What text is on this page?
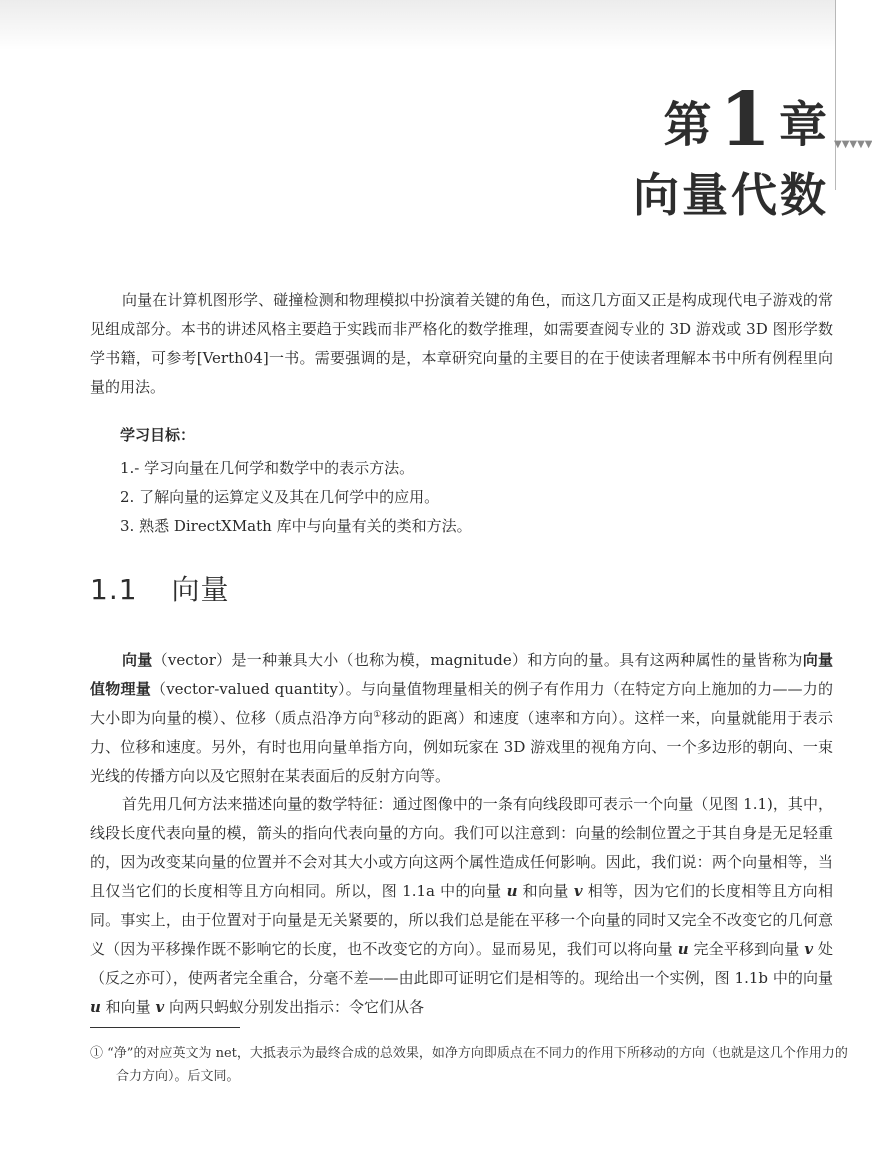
▼▼▼▼▼
第1 章
向量代数

向量在计算机图形学、碰撞检测和物理模拟中扮演着关键的角色，而这几方面又正是构成现代电子游戏的常见组成部分。本书的讲述风格主要趋于实践而非严格化的数学推理，如需要查阅专业的 3D 游戏或 3D 图形学数学书籍，可参考[Verth04]一书。需要强调的是，本章研究向量的主要目的在于使读者理解本书中所有例程里向量的用法。

学习目标：
1.- 学习向量在几何学和数学中的表示方法。
2. 了解向量的运算定义及其在几何学中的应用。
3. 熟悉 DirectXMath 库中与向量有关的类和方法。
1.1 向量

向量（vector）是一种兼具大小（也称为模，magnitude）和方向的量。具有这两种属性的量皆称为向量值物理量（vector-valued quantity）。与向量值物理量相关的例子有作用力（在特定方向上施加的力——力的大小即为向量的模）、位移（质点沿净方向①移动的距离）和速度（速率和方向）。这样一来，向量就能用于表示力、位移和速度。另外，有时也用向量单指方向，例如玩家在 3D 游戏里的视角方向、一个多边形的朝向、一束光线的传播方向以及它照射在某表面后的反射方向等。

首先用几何方法来描述向量的数学特征：通过图像中的一条有向线段即可表示一个向量（见图 1.1)，其中，线段长度代表向量的模，箭头的指向代表向量的方向。我们可以注意到：向量的绘制位置之于其自身是无足轻重的，因为改变某向量的位置并不会对其大小或方向这两个属性造成任何影响。因此，我们说：两个向量相等，当且仅当它们的长度相等且方向相同。所以，图 1.1a 中的向量 u 和向量 v 相等，因为它们的长度相等且方向相同。事实上，由于位置对于向量是无关紧要的，所以我们总是能在平移一个向量的同时又完全不改变它的几何意义（因为平移操作既不影响它的长度，也不改变它的方向）。显而易见，我们可以将向量 u 完全平移到向量 v 处（反之亦可），使两者完全重合，分毫不差——由此即可证明它们是相等的。现给出一个实例，图 1.1b 中的向量 u 和向量 v 向两只蚂蚁分别发出指示：令它们从各

① “净”的对应英文为 net，大抵表示为最终合成的总效果，如净方向即质点在不同力的作用下所移动的方向（也就是这几个作用力的合力方向）。后文同。
